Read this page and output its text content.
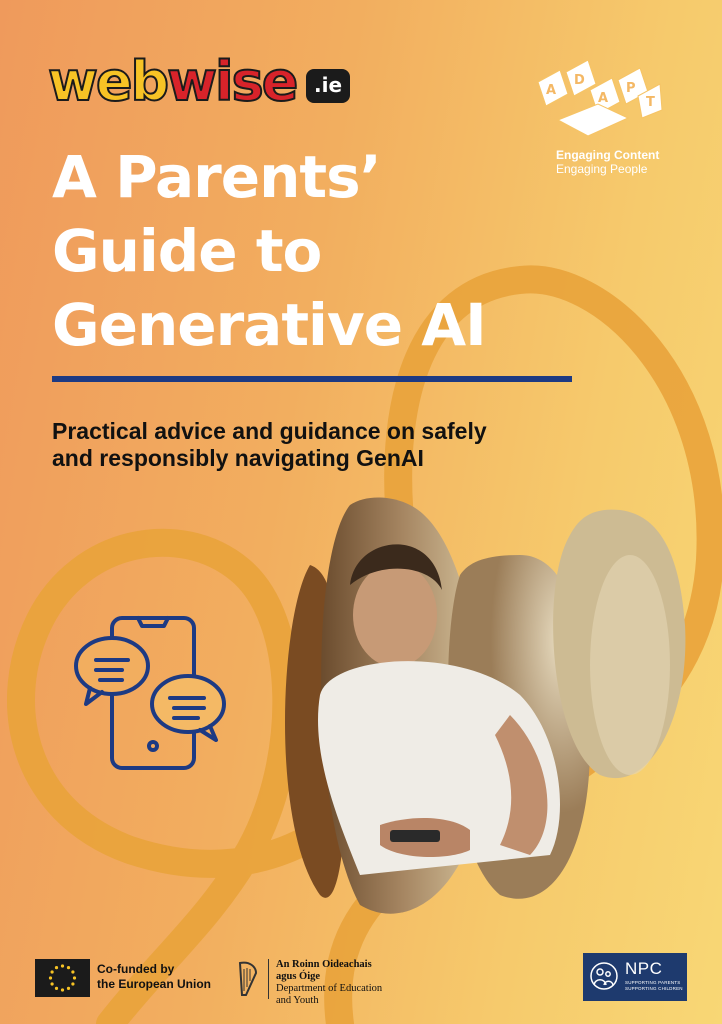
webwise .ie	A
D
A
P
T
Engaging Content
Engaging People
A Parents’
Guide to
Generative AI
Practical advice and guidance on safely
and responsibly navigating GenAI
Co-funded by
the European Union
An Roinn Oideachais
agus Óige
Department of Education
and Youth
NPC
SUPPORTING PARENTS
SUPPORTING CHILDREN
